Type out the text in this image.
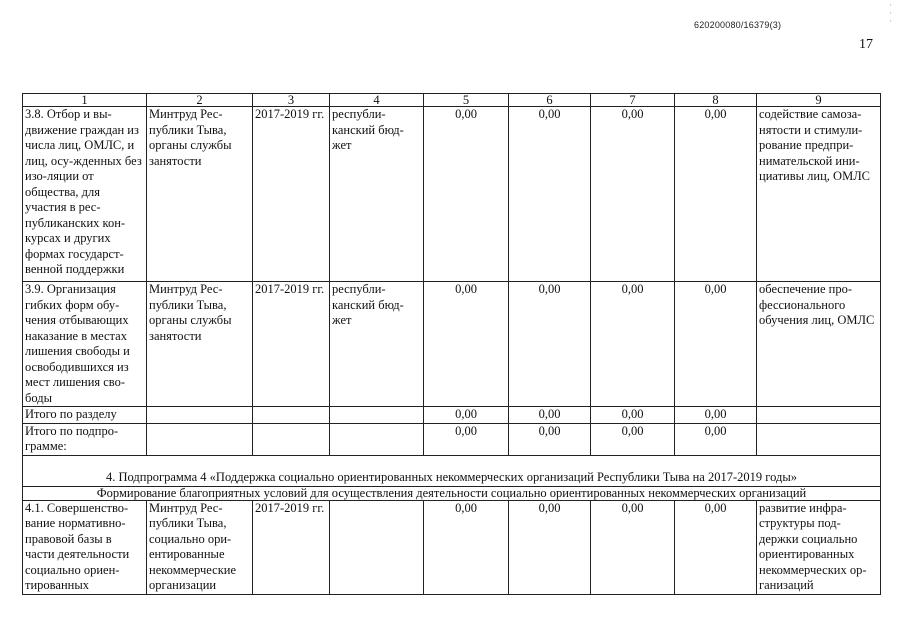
·
·
·
620200080/16379(3)
17
1	2	3	4	5	6	7	8	9
3.8. Отбор и вы-движение граждан из числа лиц, ОМЛС, и лиц, осу-жденных без изо-ляции от общества, для участия в рес-публиканских кон-курсах и других формах государст-венной поддержки	Минтруд Рес-публики Тыва, органы службы занятости	2017-2019 гг.	республи-канский бюд-жет	0,00	0,00	0,00	0,00	содействие самоза-нятости и стимули-рование предпри-нимательской ини-циативы лиц, ОМЛС
3.9. Организация гибких форм обу-чения отбывающих наказание в местах лишения свободы и освободившихся из мест лишения сво-боды	Минтруд Рес-публики Тыва, органы службы занятости	2017-2019 гг.	республи-канский бюд-жет	0,00	0,00	0,00	0,00	обеспечение про-фессионального обучения лиц, ОМЛС
Итого по разделу				0,00	0,00	0,00	0,00	
Итого по подпро-грамме:				0,00	0,00	0,00	0,00	
4. Подпрограмма 4 «Поддержка социально ориентированных некоммерческих организаций Республики Тыва на 2017-2019 годы»								
Формирование благоприятных условий для осуществления деятельности социально ориентированных некоммерческих организаций								
4.1. Совершенство-вание нормативно-правовой базы в части деятельности социально ориен-тированных	Минтруд Рес-публики Тыва, социально ори-ентированные некоммерческие организации	2017-2019 гг.		0,00	0,00	0,00	0,00	развитие инфра-структуры под-держки социально ориентированных некоммерческих ор-ганизаций
